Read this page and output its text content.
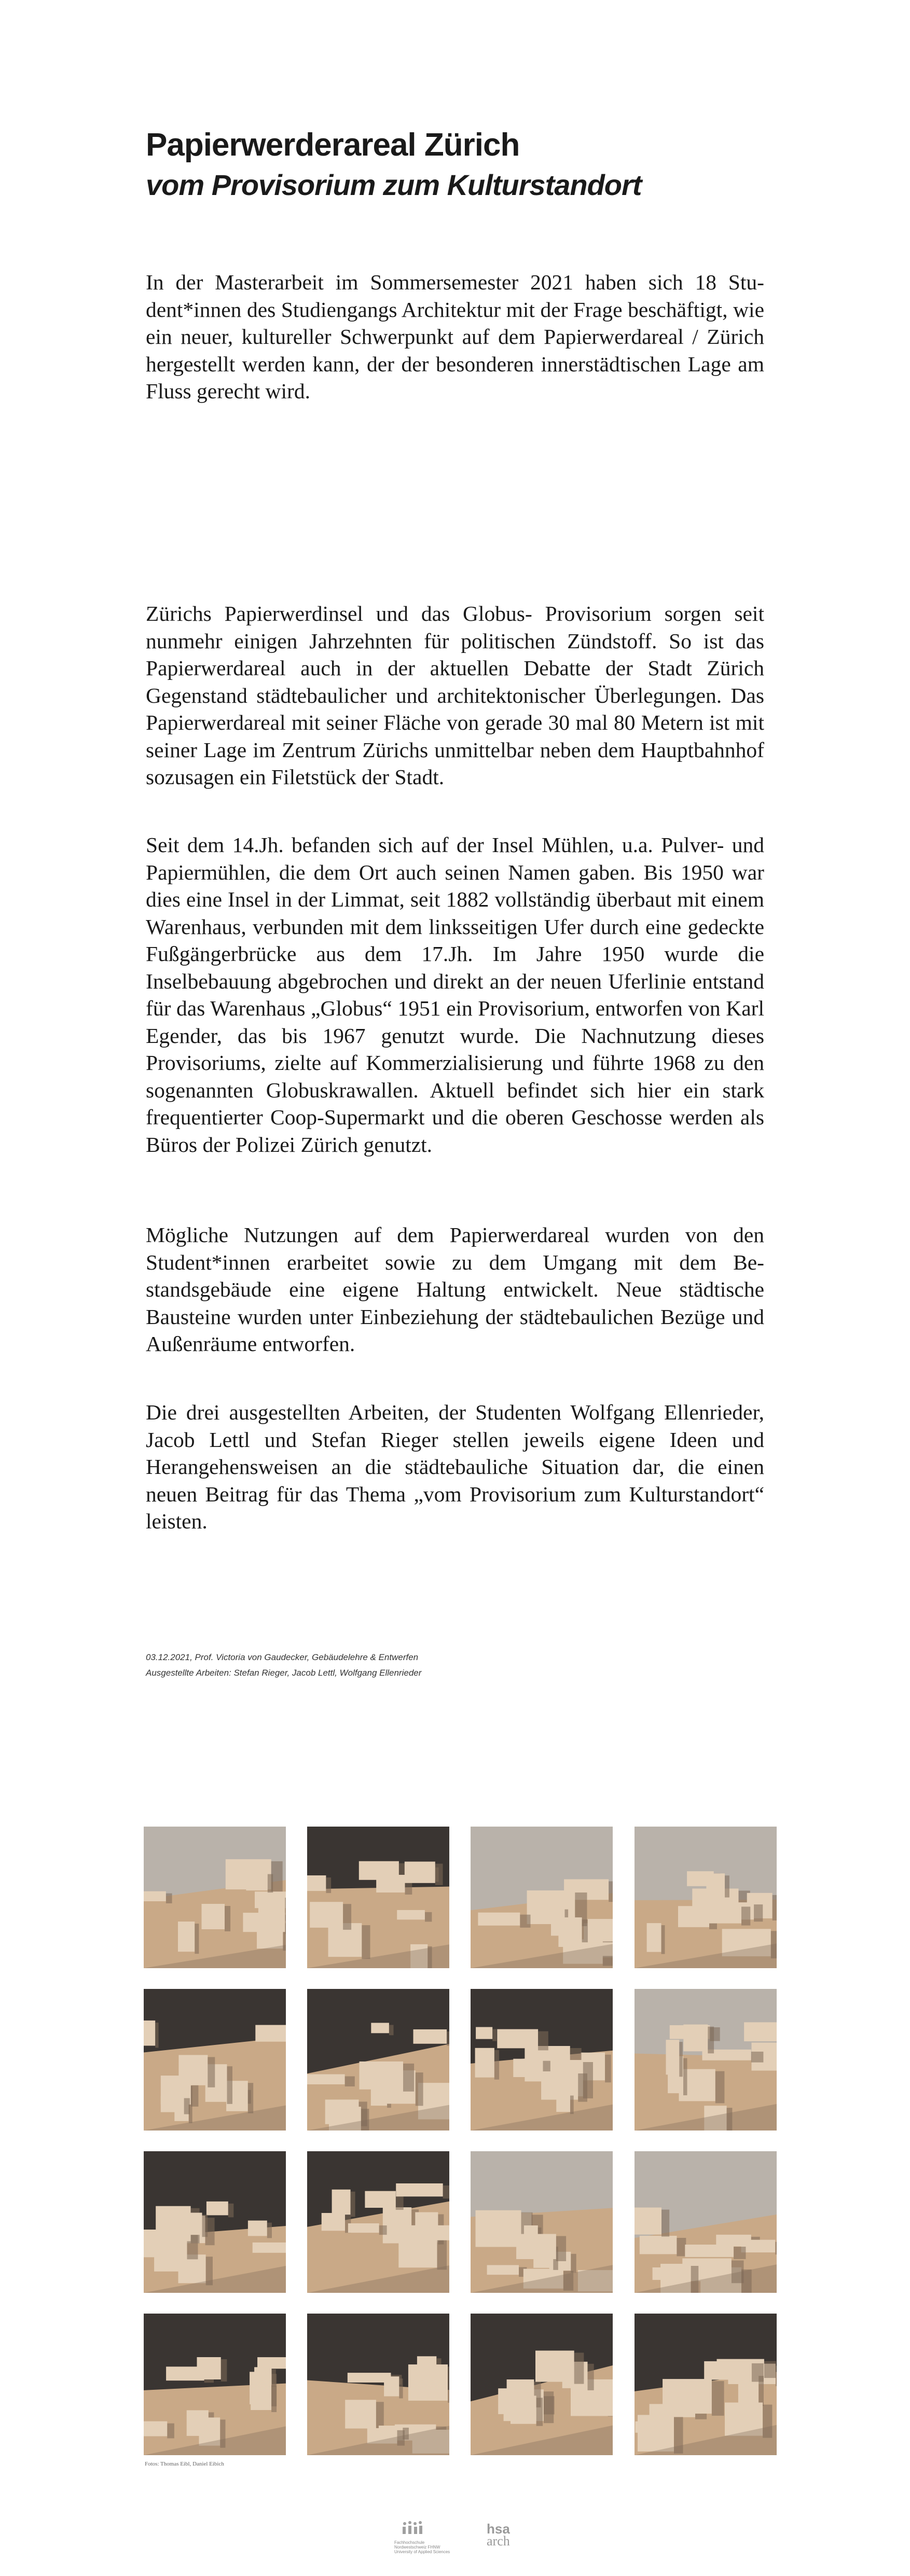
Papierwerderareal Zürich
vom Provisorium zum Kulturstandort

In der Masterarbeit im Sommersemester 2021 haben sich 18 Student*innen des Studiengangs Architektur mit der Frage beschäftigt, wie ein neuer, kultureller Schwerpunkt auf dem Papierwerdareal / Zürich hergestellt werden kann, der der besonderen innerstädtischen Lage am Fluss gerecht wird.

Zürichs Papierwerdinsel und das Globus- Provisorium sorgen seit nunmehr einigen Jahrzehnten für politischen Zündstoff. So ist das Papierwerdareal auch in der aktuellen Debatte der Stadt Zürich Gegenstand städtebaulicher und architektonischer Überlegungen. Das Papierwerdareal mit seiner Fläche von gerade 30 mal 80 Metern ist mit seiner Lage im Zentrum Zürichs unmittelbar neben dem Hauptbahnhof sozusagen ein Filetstück der Stadt.

Seit dem 14.Jh. befanden sich auf der Insel Mühlen, u.a. Pulver- und Papiermühlen, die dem Ort auch seinen Namen gaben. Bis 1950 war dies eine Insel in der Limmat, seit 1882 vollständig überbaut mit einem Warenhaus, verbunden mit dem linksseitigen Ufer durch eine gedeckte Fußgängerbrücke aus dem 17.Jh. Im Jahre 1950 wurde die Inselbebauung abgebrochen und direkt an der neuen Uferlinie entstand für das Warenhaus „Globus“ 1951 ein Provisorium, entworfen von Karl Egender, das bis 1967 genutzt wurde. Die Nachnutzung dieses Provisoriums, zielte auf Kommerzialisierung und führte 1968 zu den sogenannten Globuskrawallen. Aktuell befindet sich hier ein stark frequentierter Coop-Supermarkt und die oberen Geschosse werden als Büros der Polizei Zürich genutzt.

Mögliche Nutzungen auf dem Papierwerdareal wurden von den Student*innen erarbeitet sowie zu dem Umgang mit dem Bestandsgebäude eine eigene Haltung entwickelt. Neue städtische Bausteine wurden unter Einbeziehung der städtebaulichen Bezüge und Außenräume entworfen.

Die drei ausgestellten Arbeiten, der Studenten Wolfgang Ellenrieder, Jacob Lettl und Stefan Rieger stellen jeweils eigene Ideen und Herangehensweisen an die städtebauliche Situation dar, die einen neuen Beitrag für das Thema „vom Provisorium zum Kulturstandort“ leisten.

03.12.2021, Prof. Victoria von Gaudecker, Gebäudelehre & Entwerfen

Ausgestellte Arbeiten: Stefan Rieger, Jacob Lettl, Wolfgang Ellenrieder

Fotos: Thomas Eibl, Daniel Eibich

Fachhochschule Nordwestschweiz FHNW University of Applied Sciences
hsa
arch
